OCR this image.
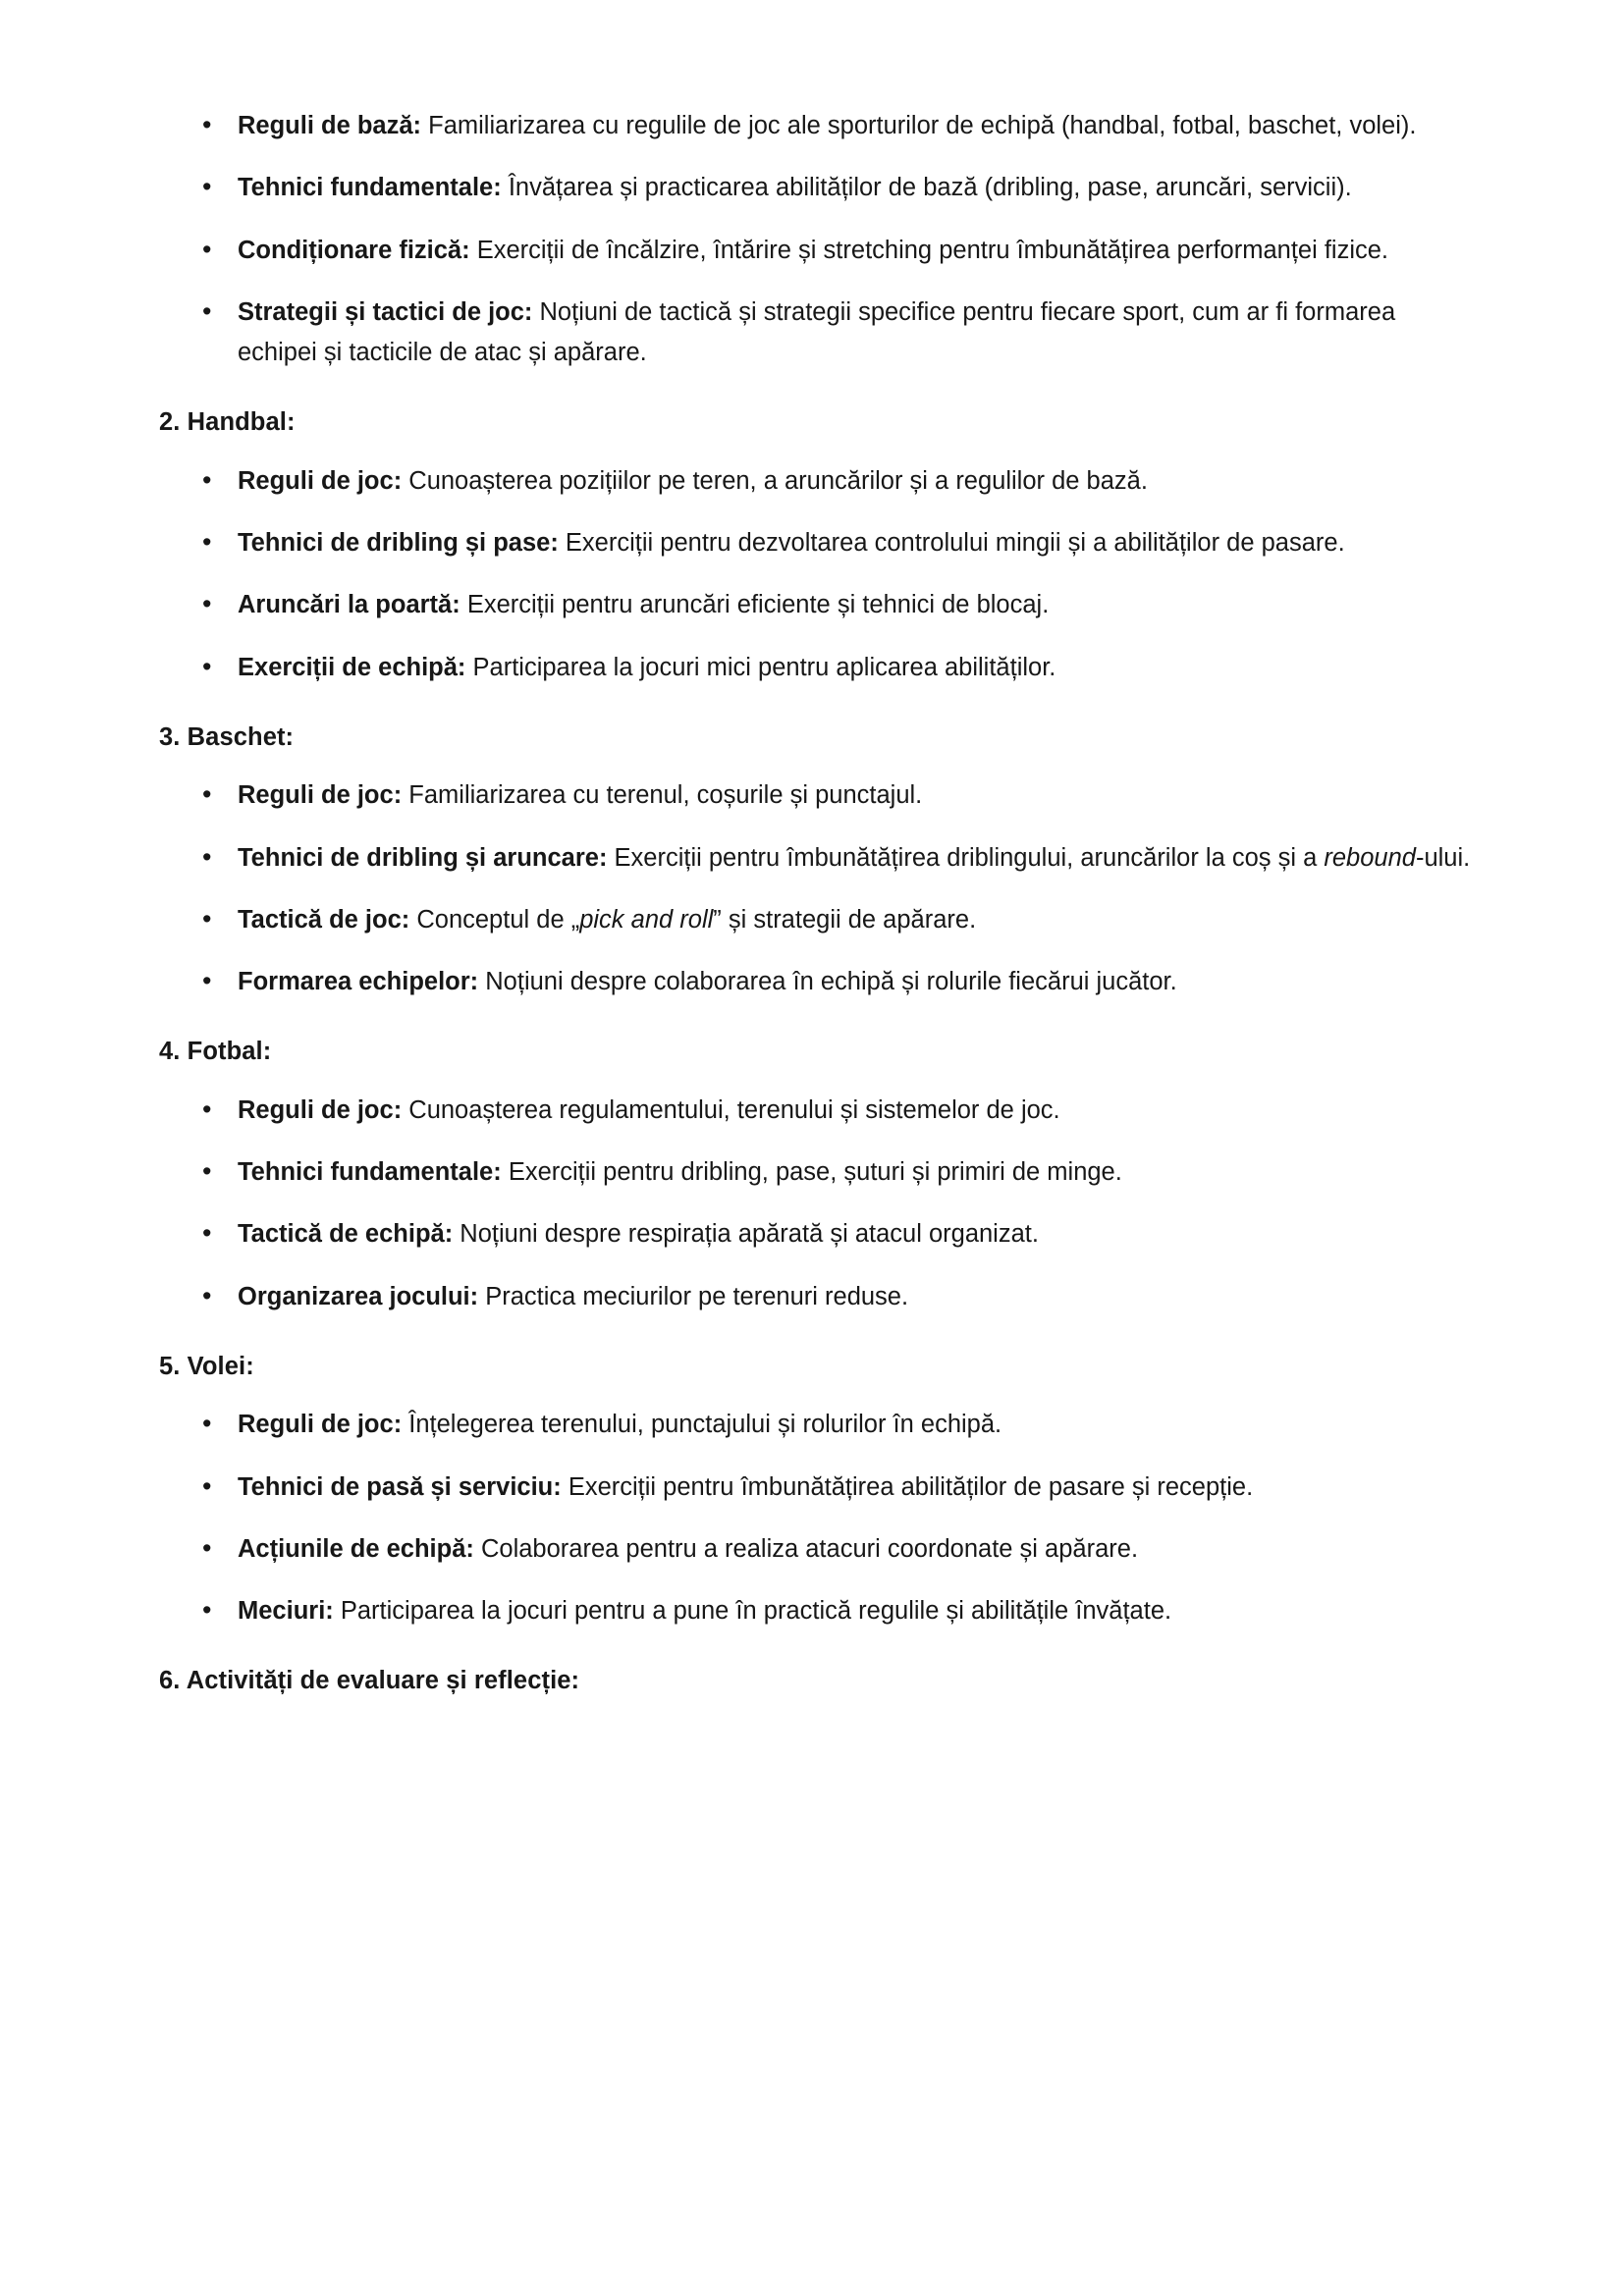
• Reguli de bază: Familiarizarea cu regulile de joc ale sporturilor de echipă (handbal, fotbal, baschet, volei).
• Tehnici fundamentale: Învățarea și practicarea abilităților de bază (dribling, pase, aruncări, servicii).
• Condiționare fizică: Exerciții de încălzire, întărire și stretching pentru îmbunătățirea performanței fizice.
• Strategii și tactici de joc: Noțiuni de tactică și strategii specifice pentru fiecare sport, cum ar fi formarea echipei și tacticile de atac și apărare.

2. Handbal:

• Reguli de joc: Cunoașterea pozițiilor pe teren, a aruncărilor și a regulilor de bază.
• Tehnici de dribling și pase: Exerciții pentru dezvoltarea controlului mingii și a abilităților de pasare.
• Aruncări la poartă: Exerciții pentru aruncări eficiente și tehnici de blocaj.
• Exerciții de echipă: Participarea la jocuri mici pentru aplicarea abilităților.

3. Baschet:

• Reguli de joc: Familiarizarea cu terenul, coșurile și punctajul.
• Tehnici de dribling și aruncare: Exerciții pentru îmbunătățirea driblingului, aruncărilor la coș și a rebound-ului.
• Tactică de joc: Conceptul de „pick and roll” și strategii de apărare.
• Formarea echipelor: Noțiuni despre colaborarea în echipă și rolurile fiecărui jucător.

4. Fotbal:

• Reguli de joc: Cunoașterea regulamentului, terenului și sistemelor de joc.
• Tehnici fundamentale: Exerciții pentru dribling, pase, șuturi și primiri de minge.
• Tactică de echipă: Noțiuni despre respirația apărată și atacul organizat.
• Organizarea jocului: Practica meciurilor pe terenuri reduse.

5. Volei:

• Reguli de joc: Înțelegerea terenului, punctajului și rolurilor în echipă.
• Tehnici de pasă și serviciu: Exerciții pentru îmbunătățirea abilităților de pasare și recepție.
• Acțiunile de echipă: Colaborarea pentru a realiza atacuri coordonate și apărare.
• Meciuri: Participarea la jocuri pentru a pune în practică regulile și abilitățile învățate.

6. Activități de evaluare și reflecție:
